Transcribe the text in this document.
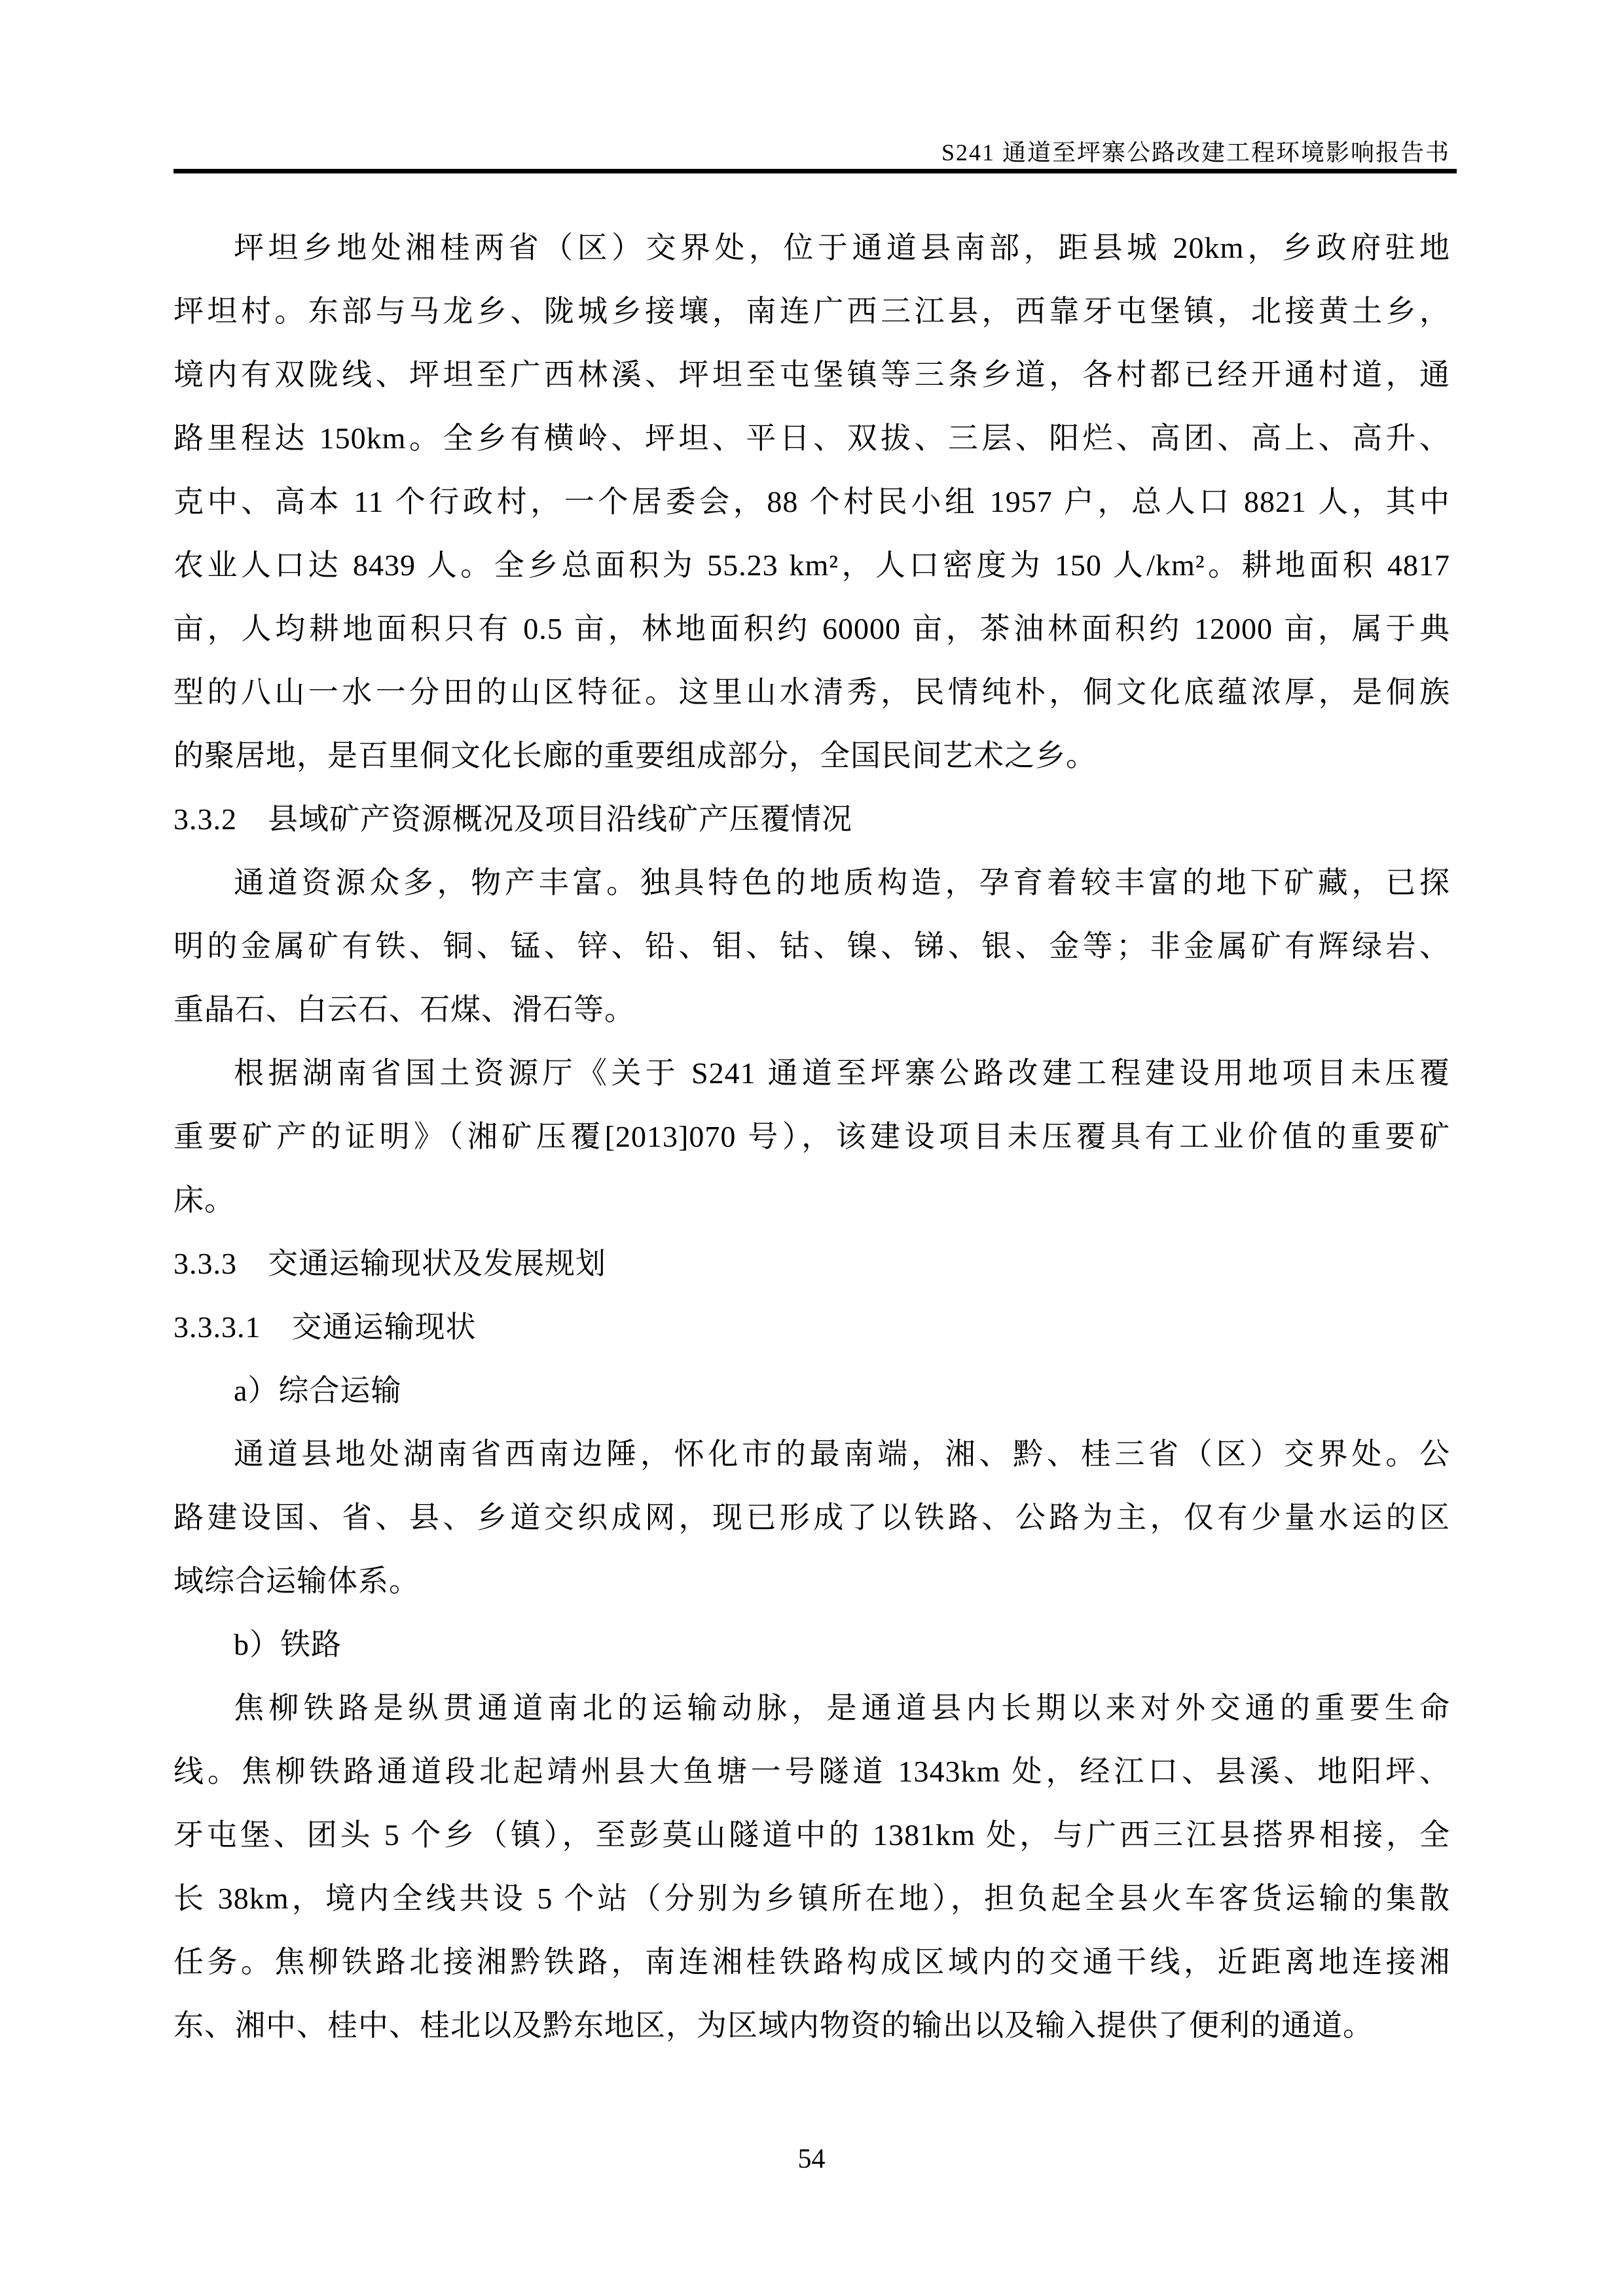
S241 通道至坪寨公路改建工程环境影响报告书
坪坦乡地处湘桂两省（区）交界处，位于通道县南部，距县城 20km，乡政府驻地
坪坦村。东部与马龙乡、陇城乡接壤，南连广西三江县，西靠牙屯堡镇，北接黄土乡，
境内有双陇线、坪坦至广西林溪、坪坦至屯堡镇等三条乡道，各村都已经开通村道，通
路里程达 150km。全乡有横岭、坪坦、平日、双拔、三层、阳烂、高团、高上、高升、
克中、高本 11 个行政村，一个居委会，88 个村民小组 1957 户，总人口 8821 人，其中
农业人口达 8439 人。全乡总面积为 55.23 km²，人口密度为 150 人/km²。耕地面积 4817
亩，人均耕地面积只有 0.5 亩，林地面积约 60000 亩，茶油林面积约 12000 亩，属于典
型的八山一水一分田的山区特征。这里山水清秀，民情纯朴，侗文化底蕴浓厚，是侗族
的聚居地，是百里侗文化长廊的重要组成部分，全国民间艺术之乡。
3.3.2　县域矿产资源概况及项目沿线矿产压覆情况
通道资源众多，物产丰富。独具特色的地质构造，孕育着较丰富的地下矿藏，已探
明的金属矿有铁、铜、锰、锌、铅、钼、钴、镍、锑、银、金等；非金属矿有辉绿岩、
重晶石、白云石、石煤、滑石等。
根据湖南省国土资源厅《关于 S241 通道至坪寨公路改建工程建设用地项目未压覆
重要矿产的证明》（湘矿压覆[2013]070 号），该建设项目未压覆具有工业价值的重要矿
床。
3.3.3　交通运输现状及发展规划
3.3.3.1　交通运输现状
a）综合运输
通道县地处湖南省西南边陲，怀化市的最南端，湘、黔、桂三省（区）交界处。公
路建设国、省、县、乡道交织成网，现已形成了以铁路、公路为主，仅有少量水运的区
域综合运输体系。
b）铁路
焦柳铁路是纵贯通道南北的运输动脉，是通道县内长期以来对外交通的重要生命
线。焦柳铁路通道段北起靖州县大鱼塘一号隧道 1343km 处，经江口、县溪、地阳坪、
牙屯堡、团头 5 个乡（镇），至彭莫山隧道中的 1381km 处，与广西三江县搭界相接，全
长 38km，境内全线共设 5 个站（分别为乡镇所在地），担负起全县火车客货运输的集散
任务。焦柳铁路北接湘黔铁路，南连湘桂铁路构成区域内的交通干线，近距离地连接湘
东、湘中、桂中、桂北以及黔东地区，为区域内物资的输出以及输入提供了便利的通道。
54
